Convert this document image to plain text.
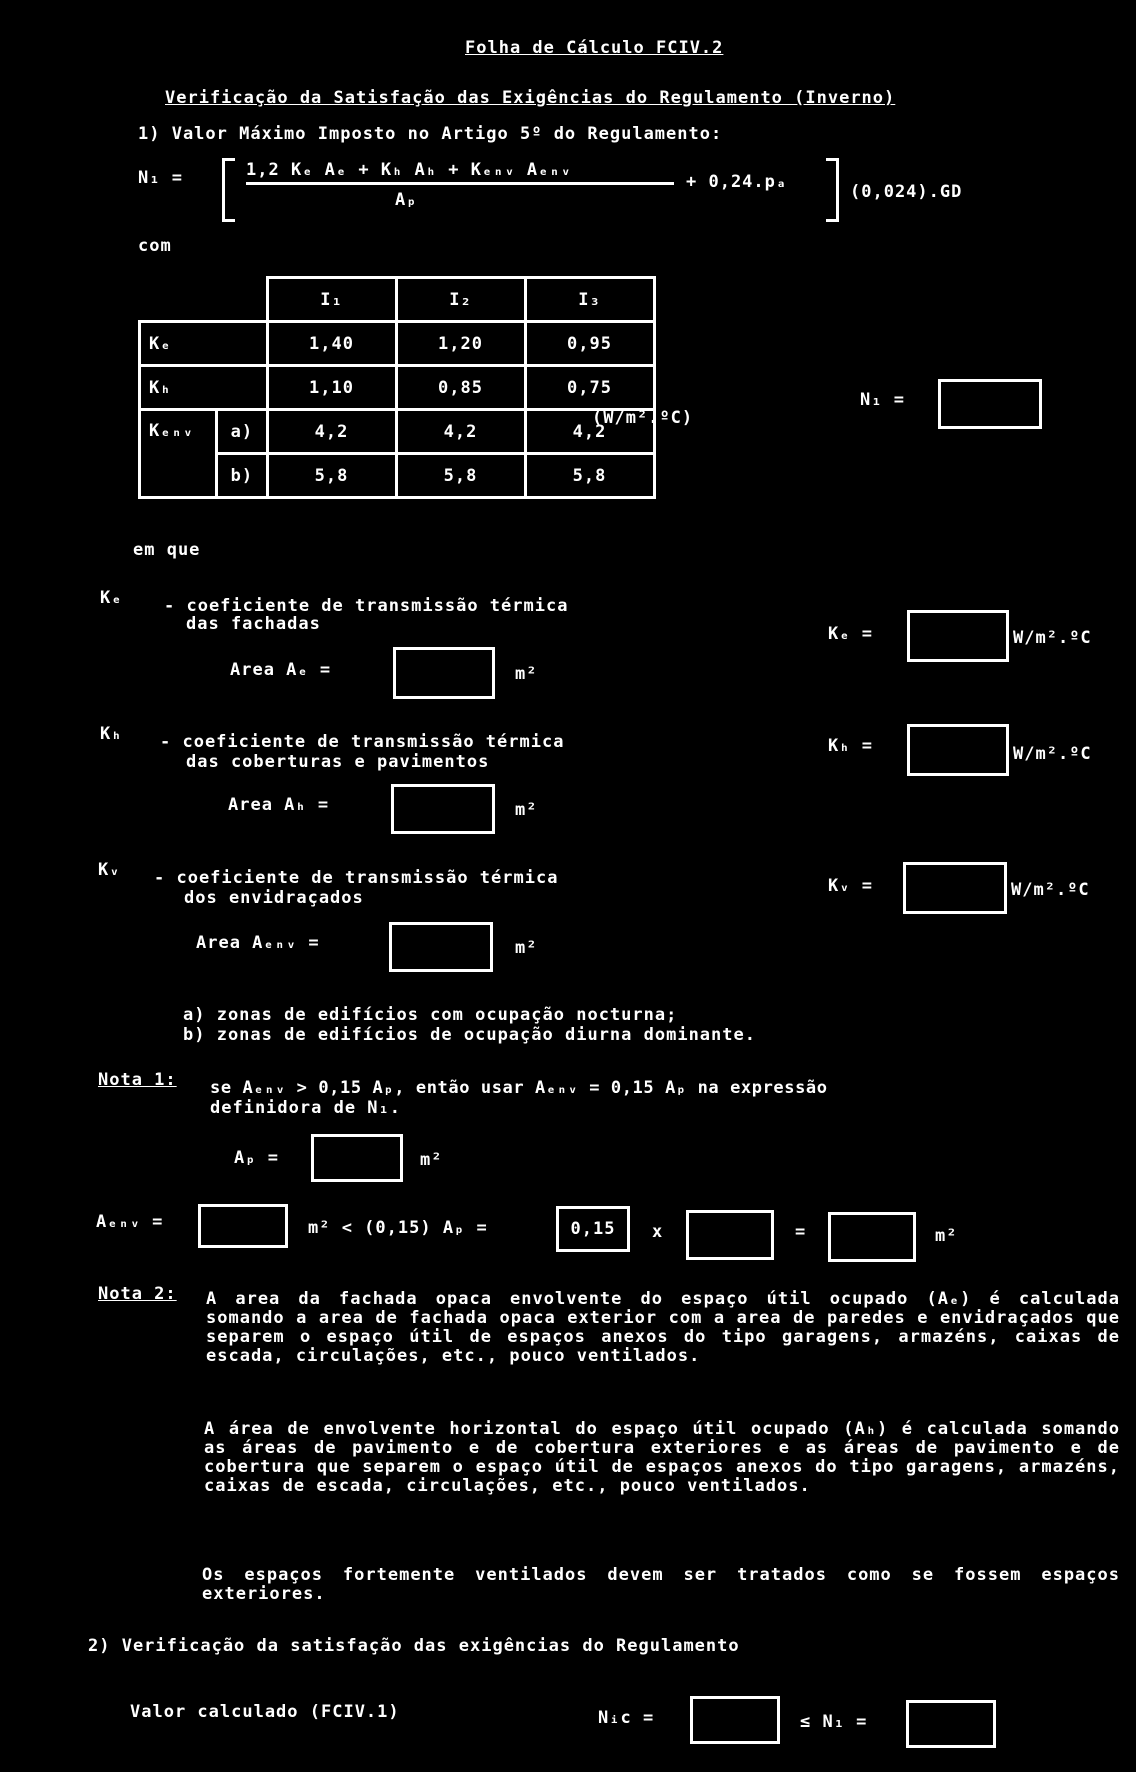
Folha de Cálculo FCIV.2
Verificação da Satisfação das Exigências do Regulamento (Inverno)
1) Valor Máximo Imposto no Artigo 5º do Regulamento:
N₁ =	1,2 Kₑ Aₑ + Kₕ Aₕ + Kₑₙᵥ Aₑₙᵥ
+ 0,24.pₐ
Aₚ	(0,024).GD
com
		I₁	I₂	I₃
Kₑ		1,40	1,20	0,95
Kₕ		1,10	0,85	0,75
Kₑₙᵥ	a)	4,2	4,2	4,2
	b)	5,8	5,8	5,8
(W/m².ºC)
N₁ =
em que
Kₑ - coeficiente de transmissão térmica
das fachadas
Area Aₑ =	m²
Kₑ =	W/m².ºC
Kₕ - coeficiente de transmissão térmica
das coberturas e pavimentos
Area Aₕ =	m²
Kₕ =	W/m².ºC
Kᵥ - coeficiente de transmissão térmica
dos envidraçados
Area Aₑₙᵥ =	m²
Kᵥ =	W/m².ºC
a) zonas de edifícios com ocupação nocturna;
b) zonas de edifícios de ocupação diurna dominante.
Nota 1: se Aₑₙᵥ > 0,15 Aₚ, então usar Aₑₙᵥ = 0,15 Aₚ na expressão
definidora de N₁.
Aₚ =	m²
Aₑₙᵥ =	m² < (0,15) Aₚ =	0,15 x	=	m²
Nota 2: A area da fachada opaca envolvente do espaço útil ocupado (Aₑ) é calculada somando a area de fachada opaca exterior com a area de paredes e envidraçados que separem o espaço útil de espaços anexos do tipo garagens, armazéns, caixas de escada, circulações, etc., pouco ventilados.
A área de envolvente horizontal do espaço útil ocupado (Aₕ) é calculada somando as áreas de pavimento e de cobertura exteriores e as áreas de pavimento e de cobertura que separem o espaço útil de espaços anexos do tipo garagens, armazéns, caixas de escada, circulações, etc., pouco ventilados.
Os espaços fortemente ventilados devem ser tratados como se fossem espaços exteriores.
2) Verificação da satisfação das exigências do Regulamento
Valor calculado (FCIV.1)	Nᵢc =	≤ N₁ =
